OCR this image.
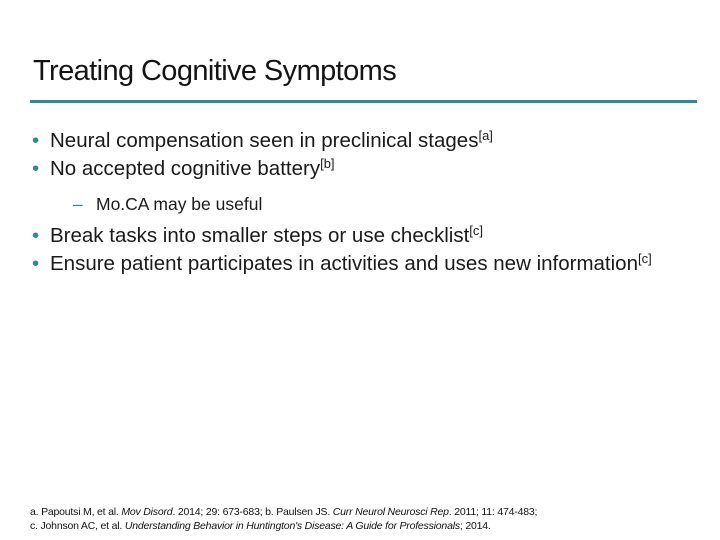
Treating Cognitive Symptoms
• Neural compensation seen in preclinical stages[a]
• No accepted cognitive battery[b]
– Mo.CA may be useful
• Break tasks into smaller steps or use checklist[c]
• Ensure patient participates in activities and uses new information[c]
a. Papoutsi M, et al. Mov Disord. 2014; 29: 673-683; b. Paulsen JS. Curr Neurol Neurosci Rep. 2011; 11: 474-483;
c. Johnson AC, et al. Understanding Behavior in Huntington's Disease: A Guide for Professionals; 2014.
